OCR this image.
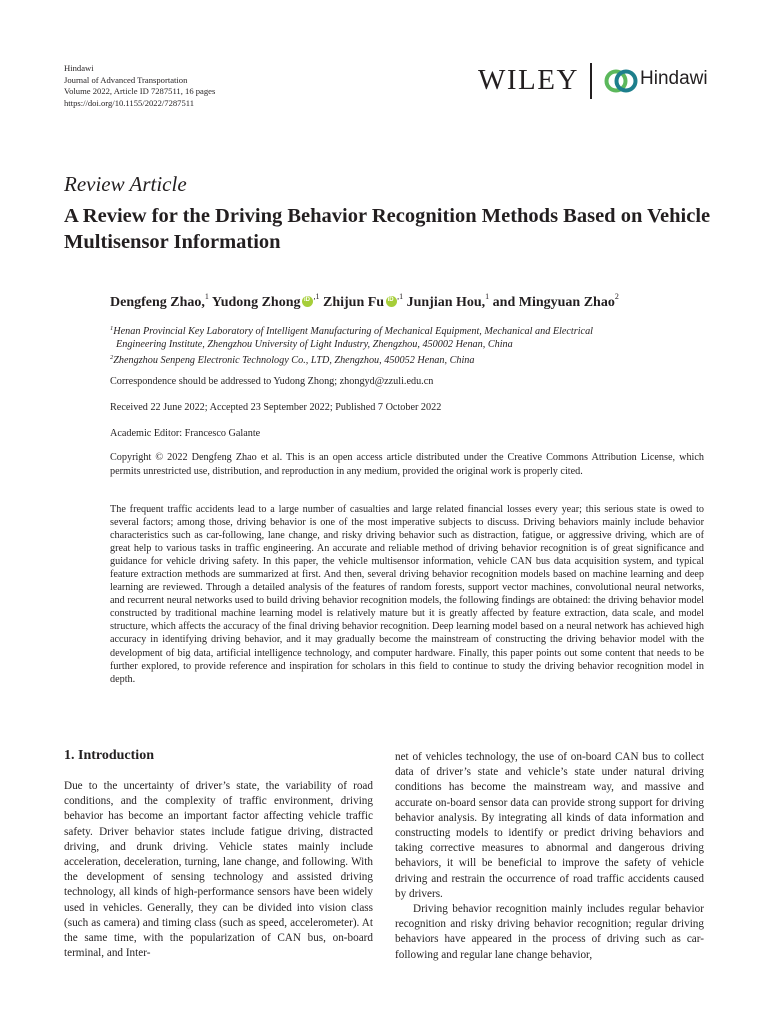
Hindawi
Journal of Advanced Transportation
Volume 2022, Article ID 7287511, 16 pages
https://doi.org/10.1155/2022/7287511
WILEY	Hindawi
Review Article
A Review for the Driving Behavior Recognition Methods Based on Vehicle Multisensor Information
Dengfeng Zhao,$^1$ Yudong Zhong iD $^{,1}$ Zhijun Fu iD $^{,1}$ Junjian Hou,$^1$ and Mingyuan Zhao$^2$
$^1$Henan Provincial Key Laboratory of Intelligent Manufacturing of Mechanical Equipment, Mechanical and Electrical
Engineering Institute, Zhengzhou University of Light Industry, Zhengzhou, 450002 Henan, China
$^2$Zhengzhou Senpeng Electronic Technology Co., LTD, Zhengzhou, 450052 Henan, China
Correspondence should be addressed to Yudong Zhong; zhongyd@zzuli.edu.cn
Received 22 June 2022; Accepted 23 September 2022; Published 7 October 2022
Academic Editor: Francesco Galante
Copyright © 2022 Dengfeng Zhao et al. This is an open access article distributed under the Creative Commons Attribution License, which permits unrestricted use, distribution, and reproduction in any medium, provided the original work is properly cited.
The frequent traffic accidents lead to a large number of casualties and large related financial losses every year; this serious state is owed to several factors; among those, driving behavior is one of the most imperative subjects to discuss. Driving behaviors mainly include behavior characteristics such as car-following, lane change, and risky driving behavior such as distraction, fatigue, or aggressive driving, which are of great help to various tasks in traffic engineering. An accurate and reliable method of driving behavior recognition is of great significance and guidance for vehicle driving safety. In this paper, the vehicle multisensor information, vehicle CAN bus data acquisition system, and typical feature extraction methods are summarized at first. And then, several driving behavior recognition models based on machine learning and deep learning are reviewed. Through a detailed analysis of the features of random forests, support vector machines, convolutional neural networks, and recurrent neural networks used to build driving behavior recognition models, the following findings are obtained: the driving behavior model constructed by traditional machine learning model is relatively mature but it is greatly affected by feature extraction, data scale, and model structure, which affects the accuracy of the final driving behavior recognition. Deep learning model based on a neural network has achieved high accuracy in identifying driving behavior, and it may gradually become the mainstream of constructing the driving behavior model with the development of big data, artificial intelligence technology, and computer hardware. Finally, this paper points out some content that needs to be further explored, to provide reference and inspiration for scholars in this field to continue to study the driving behavior recognition model in depth.
1. Introduction

Due to the uncertainty of driver’s state, the variability of road conditions, and the complexity of traffic environment, driving behavior has become an important factor affecting vehicle traffic safety. Driver behavior states include fatigue driving, distracted driving, and drunk driving. Vehicle states mainly include acceleration, deceleration, turning, lane change, and following. With the development of sensing technology and assisted driving technology, all kinds of high-performance sensors have been widely used in vehicles. Generally, they can be divided into vision class (such as camera) and timing class (such as speed, accelerometer). At the same time, with the popularization of CAN bus, on-board terminal, and Inter-

net of vehicles technology, the use of on-board CAN bus to collect data of driver’s state and vehicle’s state under natural driving conditions has become the mainstream way, and massive and accurate on-board sensor data can provide strong support for driving behavior analysis. By integrating all kinds of data information and constructing models to identify or predict driving behaviors and taking corrective measures to abnormal and dangerous driving behaviors, it will be beneficial to improve the safety of vehicle driving and restrain the occurrence of road traffic accidents caused by drivers.

Driving behavior recognition mainly includes regular behavior recognition and risky driving behavior recognition; regular driving behaviors have appeared in the process of driving such as car-following and regular lane change behavior,
